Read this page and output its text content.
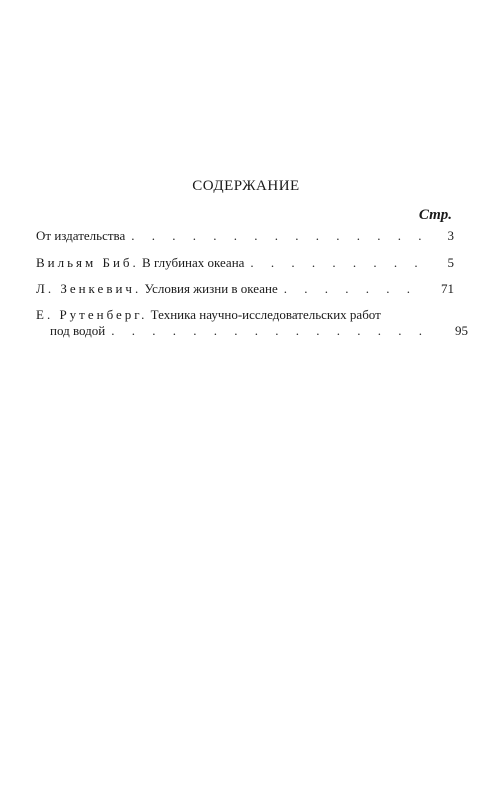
СОДЕРЖАНИЕ
Стр.
От издательства . . .	3
Вильям Биб. В глубинах океана . . .	5
Л. Зенкевич. Условия жизни в океане . . .	71
Е. Рутенберг. Техника научно-исследовательских работ
под водой . . .	95
